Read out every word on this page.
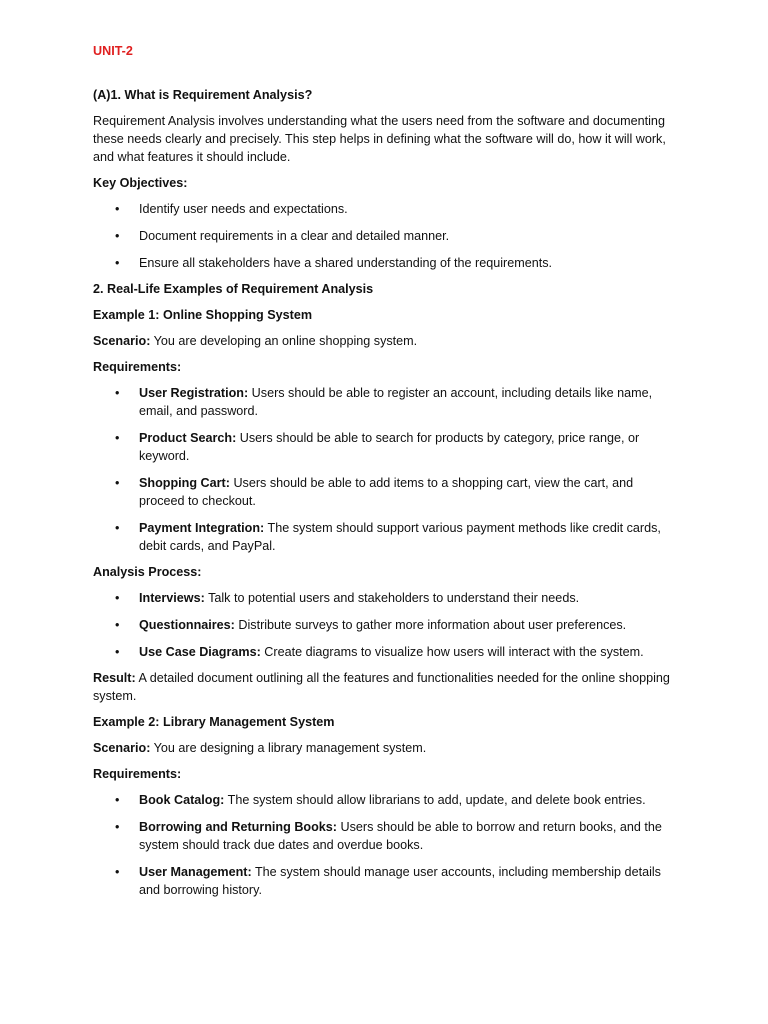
UNIT-2
(A)1. What is Requirement Analysis?

Requirement Analysis involves understanding what the users need from the software and documenting these needs clearly and precisely. This step helps in defining what the software will do, how it will work, and what features it should include.

Key Objectives:
• Identify user needs and expectations.
• Document requirements in a clear and detailed manner.
• Ensure all stakeholders have a shared understanding of the requirements.
2. Real-Life Examples of Requirement Analysis
Example 1: Online Shopping System

Scenario: You are developing an online shopping system.

Requirements:
• User Registration: Users should be able to register an account, including details like name, email, and password.
• Product Search: Users should be able to search for products by category, price range, or keyword.
• Shopping Cart: Users should be able to add items to a shopping cart, view the cart, and proceed to checkout.
• Payment Integration: The system should support various payment methods like credit cards, debit cards, and PayPal.
Analysis Process:
• Interviews: Talk to potential users and stakeholders to understand their needs.
• Questionnaires: Distribute surveys to gather more information about user preferences.
• Use Case Diagrams: Create diagrams to visualize how users will interact with the system.

Result: A detailed document outlining all the features and functionalities needed for the online shopping system.

Example 2: Library Management System

Scenario: You are designing a library management system.

Requirements:
• Book Catalog: The system should allow librarians to add, update, and delete book entries.
• Borrowing and Returning Books: Users should be able to borrow and return books, and the system should track due dates and overdue books.
• User Management: The system should manage user accounts, including membership details and borrowing history.
